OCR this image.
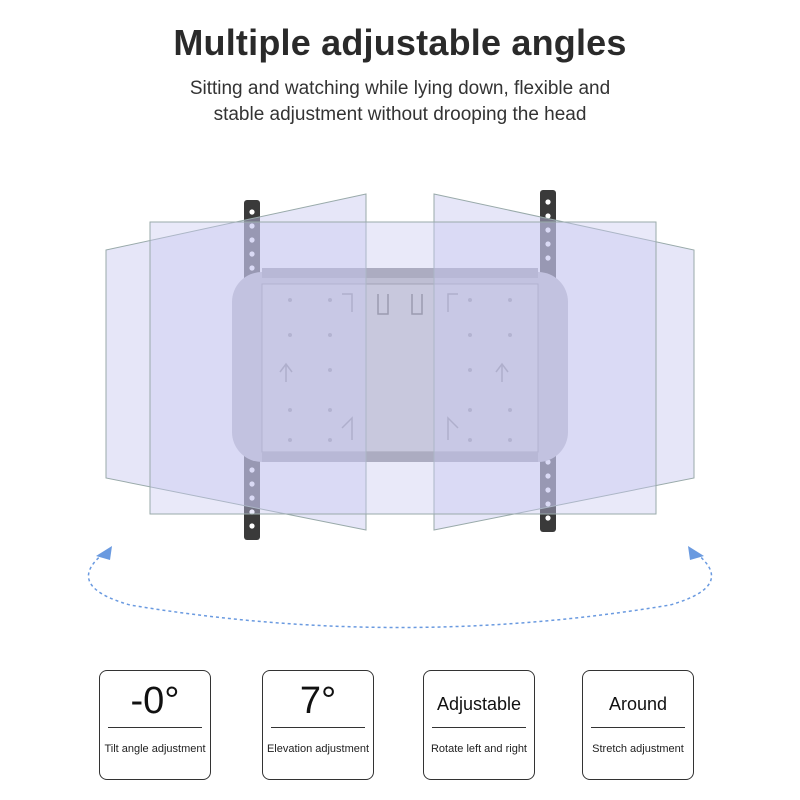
Multiple adjustable angles
Sitting and watching while lying down, flexible and
stable adjustment without drooping the head
-0°
Tilt angle adjustment
7°
Elevation adjustment
Adjustable
Rotate left and right
Around
Stretch adjustment
